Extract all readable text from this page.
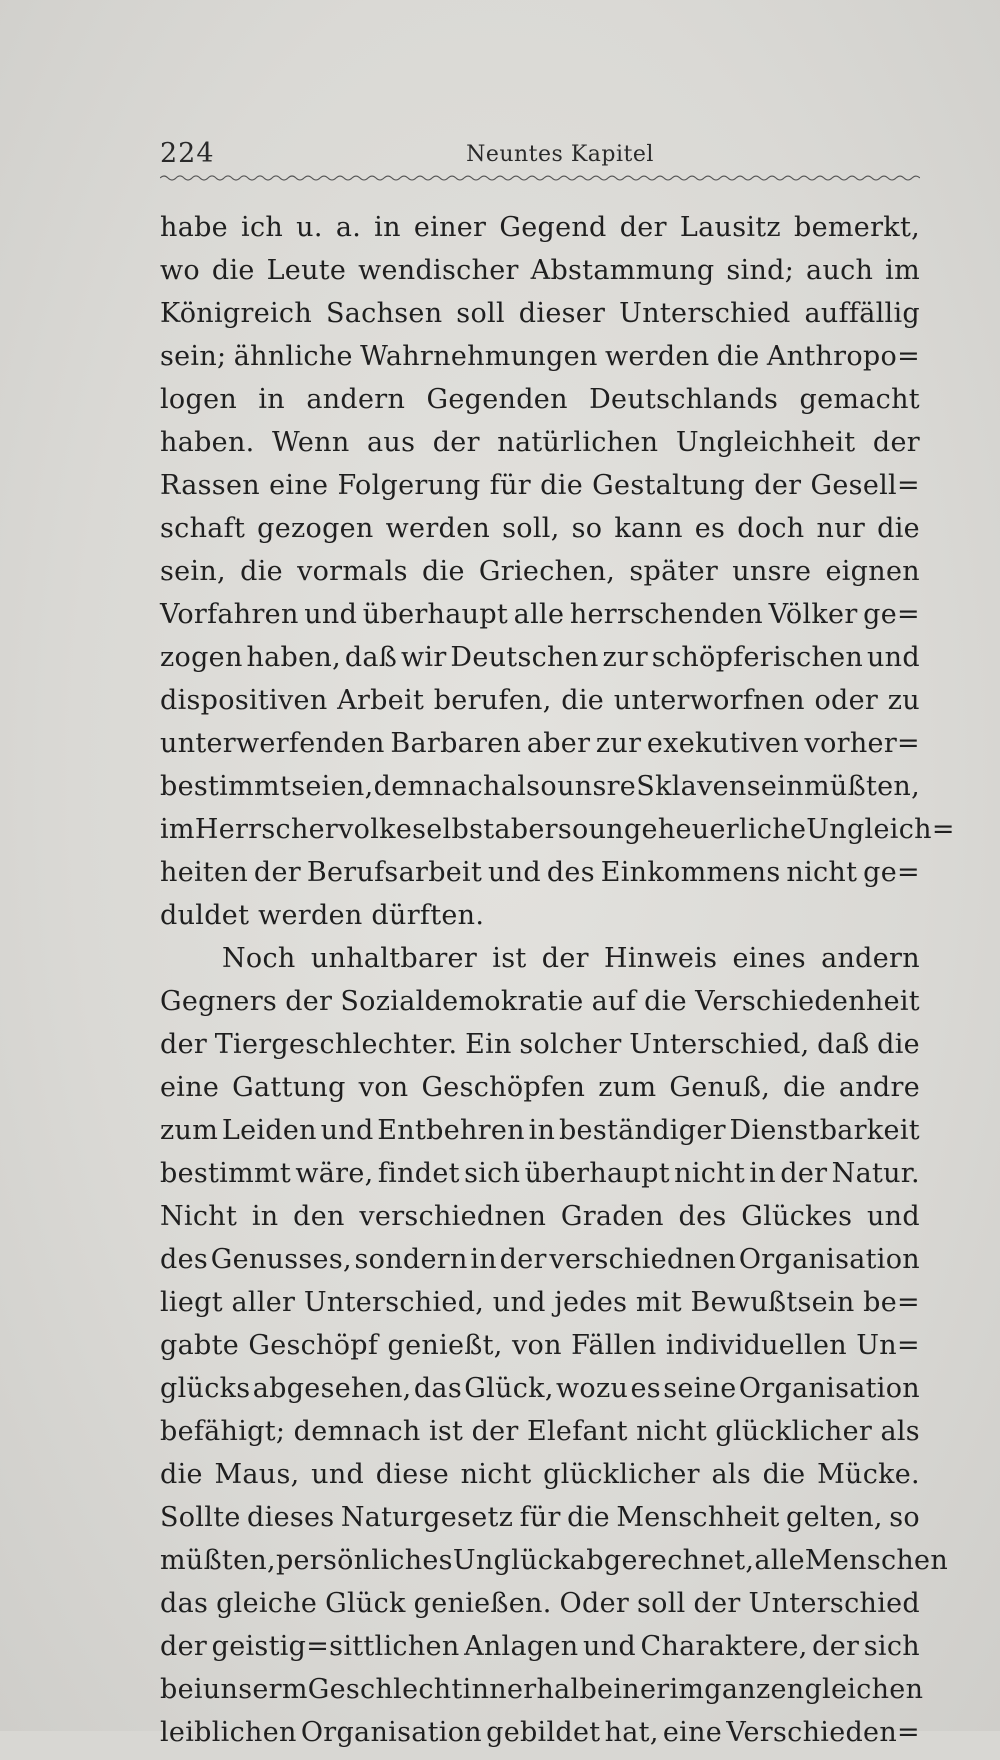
224	Neuntes Kapitel
habe ich u. a. in einer Gegend der Lausitz bemerkt,
wo die Leute wendischer Abstammung sind; auch im
Königreich Sachsen soll dieser Unterschied auffällig
sein; ähnliche Wahrnehmungen werden die Anthropo=
logen in andern Gegenden Deutschlands gemacht
haben. Wenn aus der natürlichen Ungleichheit der
Rassen eine Folgerung für die Gestaltung der Gesell=
schaft gezogen werden soll, so kann es doch nur die
sein, die vormals die Griechen, später unsre eignen
Vorfahren und überhaupt alle herrschenden Völker ge=
zogen haben, daß wir Deutschen zur schöpferischen und
dispositiven Arbeit berufen, die unterworfnen oder zu
unterwerfenden Barbaren aber zur exekutiven vorher=
bestimmt seien, demnach also unsre Sklaven sein müßten,
im Herrschervolke selbst aber so ungeheuerliche Ungleich=
heiten der Berufsarbeit und des Einkommens nicht ge=
duldet werden dürften.
Noch unhaltbarer ist der Hinweis eines andern
Gegners der Sozialdemokratie auf die Verschiedenheit
der Tiergeschlechter. Ein solcher Unterschied, daß die
eine Gattung von Geschöpfen zum Genuß, die andre
zum Leiden und Entbehren in beständiger Dienstbarkeit
bestimmt wäre, findet sich überhaupt nicht in der Natur.
Nicht in den verschiednen Graden des Glückes und
des Genusses, sondern in der verschiednen Organisation
liegt aller Unterschied, und jedes mit Bewußtsein be=
gabte Geschöpf genießt, von Fällen individuellen Un=
glücks abgesehen, das Glück, wozu es seine Organisation
befähigt; demnach ist der Elefant nicht glücklicher als
die Maus, und diese nicht glücklicher als die Mücke.
Sollte dieses Naturgesetz für die Menschheit gelten, so
müßten, persönliches Unglück abgerechnet, alle Menschen
das gleiche Glück genießen. Oder soll der Unterschied
der geistig=sittlichen Anlagen und Charaktere, der sich
bei unserm Geschlecht innerhalb einer im ganzen gleichen
leiblichen Organisation gebildet hat, eine Verschieden=
